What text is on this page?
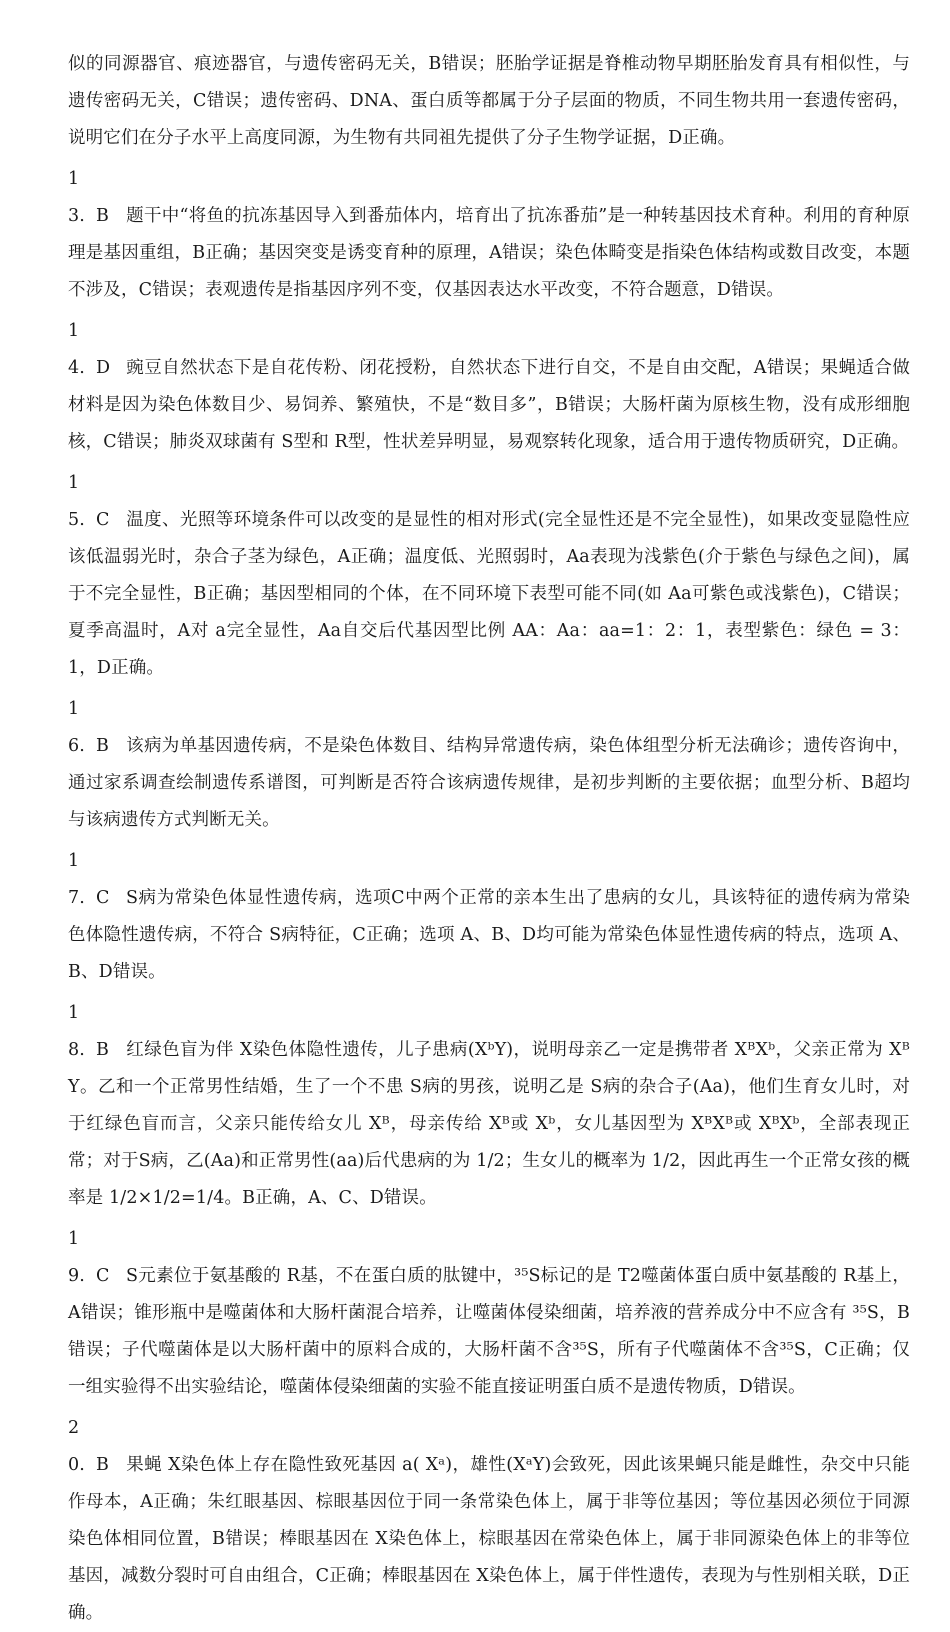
似的同源器官、痕迹器官，与遗传密码无关，B错误；胚胎学证据是脊椎动物早期胚胎发育具有相似性，与遗传密码无关，C错误；遗传密码、DNA、蛋白质等都属于分子层面的物质，不同生物共用一套遗传密码，说明它们在分子水平上高度同源，为生物有共同祖先提供了分子生物学证据，D正确。

13. B 题干中“将鱼的抗冻基因导入到番茄体内，培育出了抗冻番茄”是一种转基因技术育种。利用的育种原理是基因重组，B正确；基因突变是诱变育种的原理，A错误；染色体畸变是指染色体结构或数目改变，本题不涉及，C错误；表观遗传是指基因序列不变，仅基因表达水平改变，不符合题意，D错误。

14. D 豌豆自然状态下是自花传粉、闭花授粉，自然状态下进行自交，不是自由交配，A错误；果蝇适合做材料是因为染色体数目少、易饲养、繁殖快，不是“数目多”，B错误；大肠杆菌为原核生物，没有成形细胞核，C错误；肺炎双球菌有 S型和 R型，性状差异明显，易观察转化现象，适合用于遗传物质研究，D正确。

15. C 温度、光照等环境条件可以改变的是显性的相对形式(完全显性还是不完全显性)，如果改变显隐性应该低温弱光时，杂合子茎为绿色，A正确；温度低、光照弱时，Aa表现为浅紫色(介于紫色与绿色之间)，属于不完全显性，B正确；基因型相同的个体，在不同环境下表型可能不同(如 Aa可紫色或浅紫色)，C错误；夏季高温时，A对 a完全显性，Aa自交后代基因型比例 AA：Aa：aa=1：2：1，表型紫色：绿色 = 3：1，D正确。

16. B 该病为单基因遗传病，不是染色体数目、结构异常遗传病，染色体组型分析无法确诊；遗传咨询中，通过家系调查绘制遗传系谱图，可判断是否符合该病遗传规律，是初步判断的主要依据；血型分析、B超均与该病遗传方式判断无关。

17. C S病为常染色体显性遗传病，选项C中两个正常的亲本生出了患病的女儿，具该特征的遗传病为常染色体隐性遗传病，不符合 S病特征，C正确；选项 A、B、D均可能为常染色体显性遗传病的特点，选项 A、B、D错误。

18. B 红绿色盲为伴 X染色体隐性遗传，儿子患病(XᵇY)，说明母亲乙一定是携带者 XᴮXᵇ，父亲正常为 XᴮY。乙和一个正常男性结婚，生了一个不患 S病的男孩，说明乙是 S病的杂合子(Aa)，他们生育女儿时，对于红绿色盲而言，父亲只能传给女儿 Xᴮ，母亲传给 Xᴮ或 Xᵇ，女儿基因型为 XᴮXᴮ或 XᴮXᵇ，全部表现正常；对于S病，乙(Aa)和正常男性(aa)后代患病的为 1/2；生女儿的概率为 1/2，因此再生一个正常女孩的概率是 1/2×1/2=1/4。B正确，A、C、D错误。

19. C S元素位于氨基酸的 R基，不在蛋白质的肽键中，³⁵S标记的是 T2噬菌体蛋白质中氨基酸的 R基上，A错误；锥形瓶中是噬菌体和大肠杆菌混合培养，让噬菌体侵染细菌，培养液的营养成分中不应含有 ³⁵S，B错误；子代噬菌体是以大肠杆菌中的原料合成的，大肠杆菌不含³⁵S，所有子代噬菌体不含³⁵S，C正确；仅一组实验得不出实验结论，噬菌体侵染细菌的实验不能直接证明蛋白质不是遗传物质，D错误。

20. B 果蝇 X染色体上存在隐性致死基因 a( Xᵃ)，雄性(XᵃY)会致死，因此该果蝇只能是雌性，杂交中只能作母本，A正确；朱红眼基因、棕眼基因位于同一条常染色体上，属于非等位基因；等位基因必须位于同源染色体相同位置，B错误；棒眼基因在 X染色体上，棕眼基因在常染色体上，属于非同源染色体上的非等位基因，减数分裂时可自由组合，C正确；棒眼基因在 X染色体上，属于伴性遗传，表现为与性别相关联，D正确。
